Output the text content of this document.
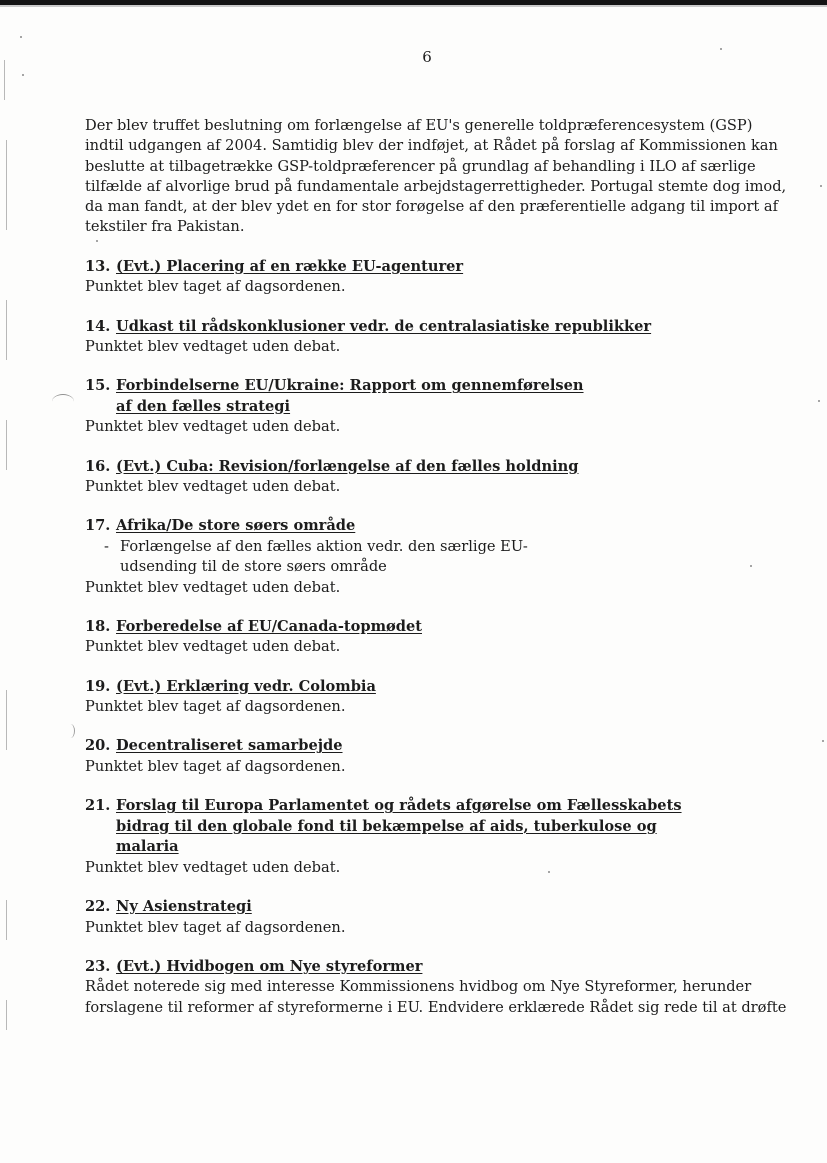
6

Der blev truffet beslutning om forlængelse af EU's generelle toldpræferencesystem (GSP) indtil udgangen af 2004. Samtidig blev der indføjet, at Rådet på forslag af Kommissionen kan beslutte at tilbagetrække GSP-toldpræferencer på grundlag af behandling i ILO af særlige tilfælde af alvorlige brud på fundamentale arbejdstagerrettigheder. Portugal stemte dog imod, da man fandt, at der blev ydet en for stor forøgelse af den præferentielle adgang til import af tekstiler fra Pakistan.

13. (Evt.) Placering af en række EU-agenturer

Punktet blev taget af dagsordenen.

14. Udkast til rådskonklusioner vedr. de centralasiatiske republikker

Punktet blev vedtaget uden debat.

15. Forbindelserne EU/Ukraine: Rapport om gennemførelsen af den fælles strategi

Punktet blev vedtaget uden debat.

16. (Evt.) Cuba: Revision/forlængelse af den fælles holdning

Punktet blev vedtaget uden debat.

17. Afrika/De store søers område
- Forlængelse af den fælles aktion vedr. den særlige EU-udsending til de store søers område

Punktet blev vedtaget uden debat.

18. Forberedelse af EU/Canada-topmødet

Punktet blev vedtaget uden debat.

19. (Evt.) Erklæring vedr. Colombia

Punktet blev taget af dagsordenen.

20. Decentraliseret samarbejde

Punktet blev taget af dagsordenen.

21. Forslag til Europa Parlamentet og rådets afgørelse om Fællesskabets bidrag til den globale fond til bekæmpelse af aids, tuberkulose og malaria

Punktet blev vedtaget uden debat.

22. Ny Asienstrategi

Punktet blev taget af dagsordenen.

23. (Evt.) Hvidbogen om Nye styreformer

Rådet noterede sig med interesse Kommissionens hvidbog om Nye Styreformer, herunder forslagene til reformer af styreformerne i EU. Endvidere erklærede Rådet sig rede til at drøfte
